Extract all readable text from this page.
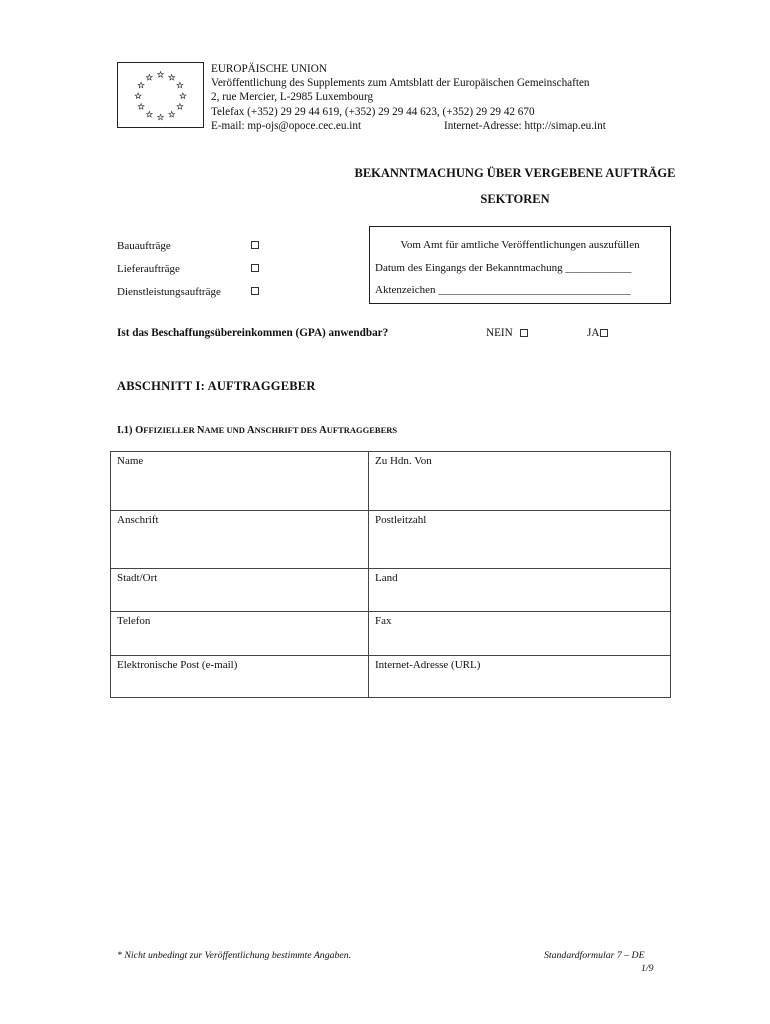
EUROPÄISCHE UNION
Veröffentlichung des Supplements zum Amtsblatt der Europäischen Gemeinschaften
2, rue Mercier, L-2985 Luxembourg
Telefax (+352) 29 29 44 619, (+352) 29 29 44 623, (+352) 29 29 42 670
E-mail: mp-ojs@opoce.cec.eu.int	Internet-Adresse: http://simap.eu.int
BEKANNTMACHUNG ÜBER VERGEBENE AUFTRÄGE
SEKTOREN
Bauaufträge
Lieferaufträge
Dienstleistungsaufträge
Vom Amt für amtliche Veröffentlichungen auszufüllen
Datum des Eingangs der Bekanntmachung ____________
Aktenzeichen ___________________________________
Ist das Beschaffungsübereinkommen (GPA) anwendbar?	NEIN	JA
ABSCHNITT I: AUFTRAGGEBER
I.1) OFFIZIELLER NAME UND ANSCHRIFT DES AUFTRAGGEBERS
Name	Zu Hdn. Von
Anschrift	Postleitzahl
Stadt/Ort	Land
Telefon	Fax
Elektronische Post (e-mail)	Internet-Adresse (URL)
* Nicht unbedingt zur Veröffentlichung bestimmte Angaben.	Standardformular 7 – DE
1/9
